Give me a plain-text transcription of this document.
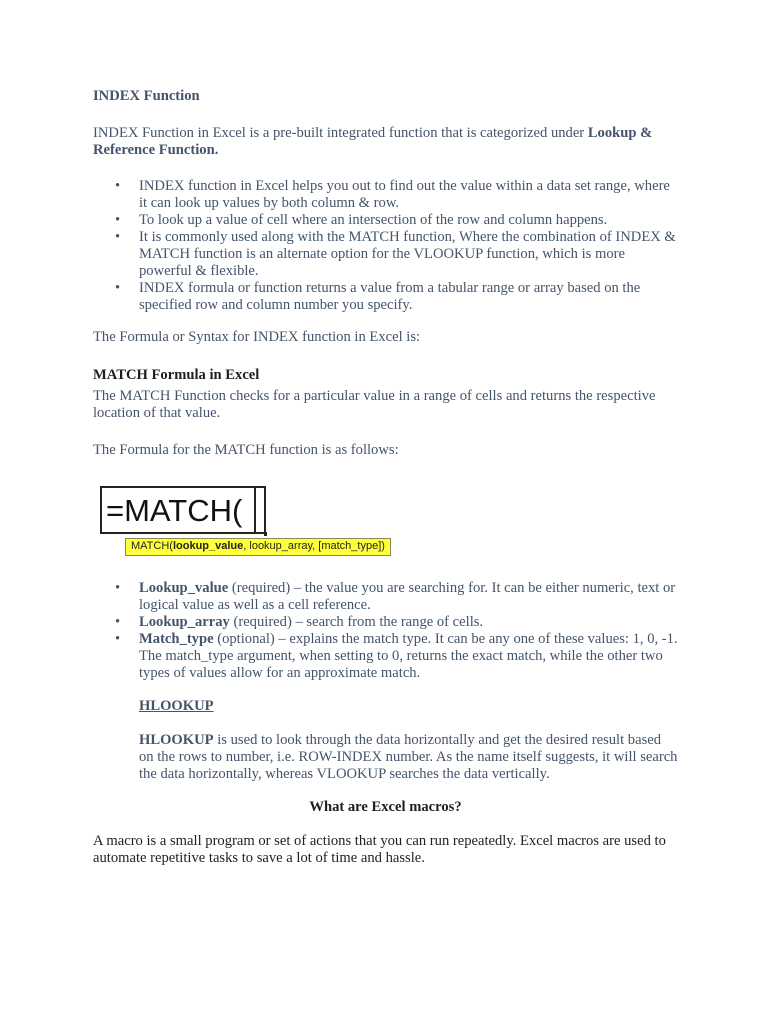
INDEX Function
INDEX Function in Excel is a pre-built integrated function that is categorized under Lookup & Reference Function.
• INDEX function in Excel helps you out to find out the value within a data set range, where it can look up values by both column & row.
• To look up a value of cell where an intersection of the row and column happens.
• It is commonly used along with the MATCH function, Where the combination of INDEX & MATCH function is an alternate option for the VLOOKUP function, which is more powerful & flexible.
• INDEX formula or function returns a value from a tabular range or array based on the specified row and column number you specify.
The Formula or Syntax for INDEX function in Excel is:
MATCH Formula in Excel
The MATCH Function checks for a particular value in a range of cells and returns the respective location of that value.
The Formula for the MATCH function is as follows:
=MATCH(
MATCH(lookup_value, lookup_array, [match_type])
• Lookup_value (required) – the value you are searching for. It can be either numeric, text or logical value as well as a cell reference.
• Lookup_array (required) – search from the range of cells.
• Match_type (optional) – explains the match type. It can be any one of these values: 1, 0, -1. The match_type argument, when setting to 0, returns the exact match, while the other two types of values allow for an approximate match.
HLOOKUP
HLOOKUP is used to look through the data horizontally and get the desired result based on the rows to number, i.e. ROW-INDEX number. As the name itself suggests, it will search the data horizontally, whereas VLOOKUP searches the data vertically.
What are Excel macros?
A macro is a small program or set of actions that you can run repeatedly. Excel macros are used to automate repetitive tasks to save a lot of time and hassle.
